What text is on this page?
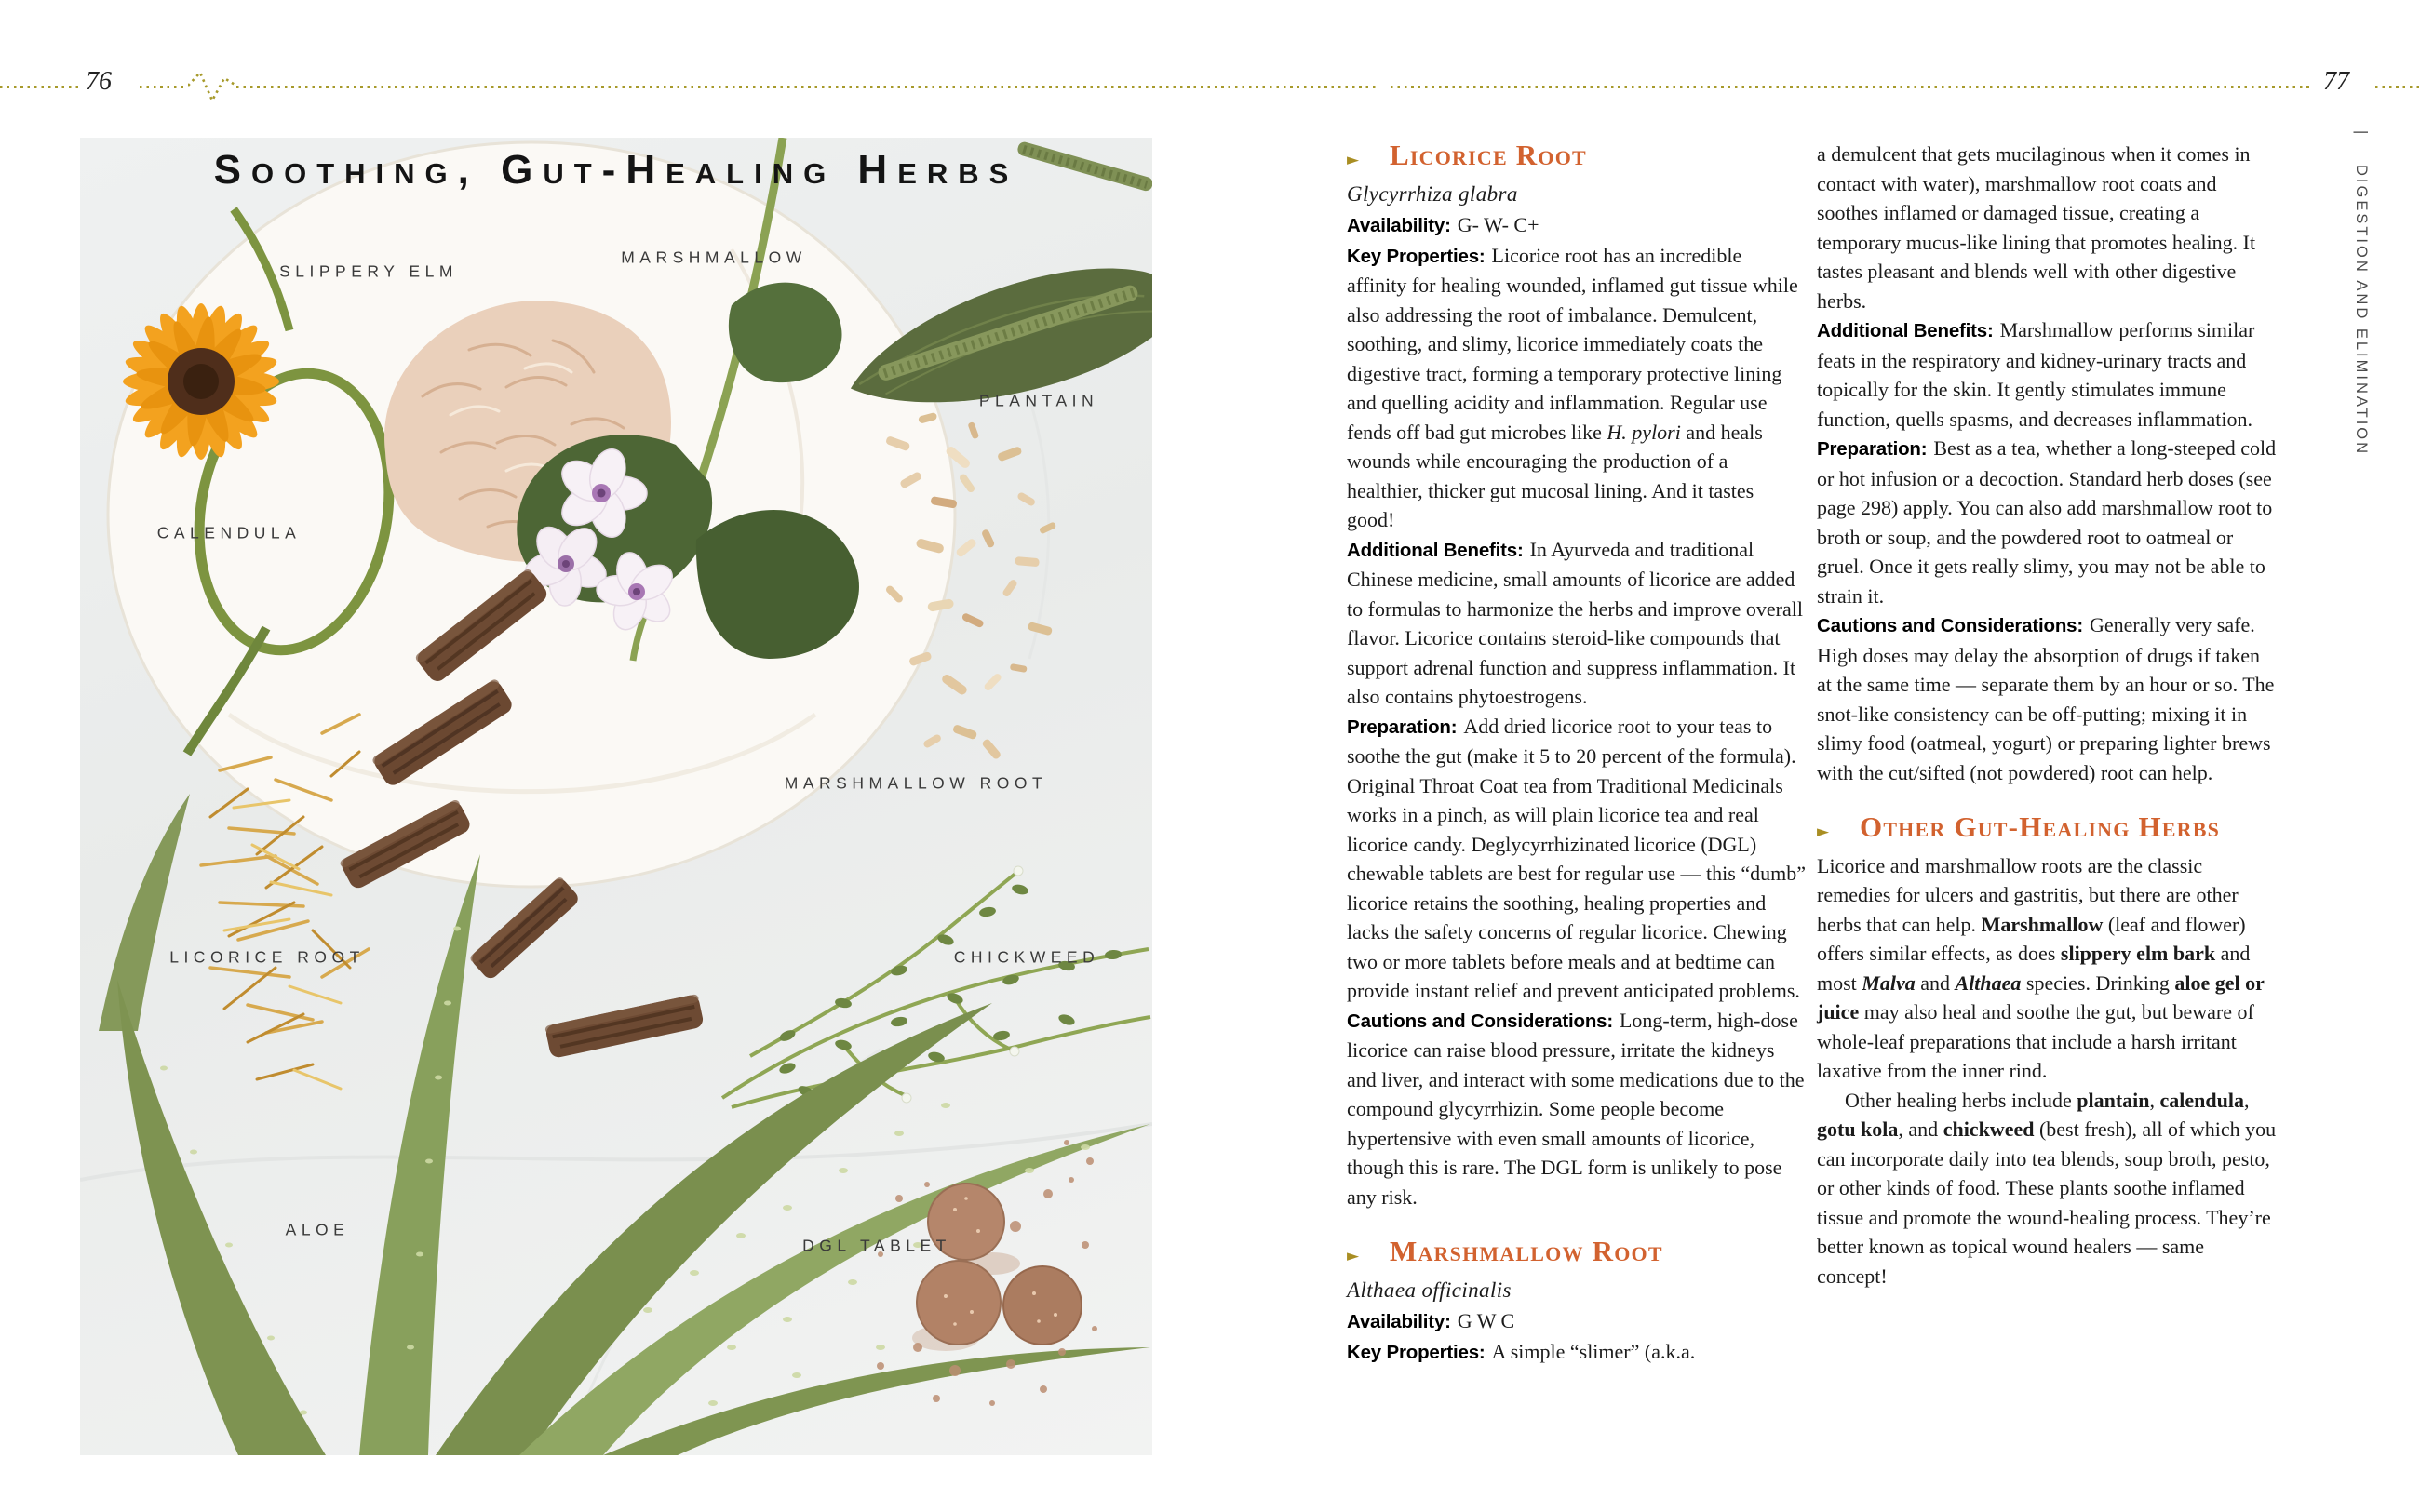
76	77
|DIGESTION AND ELIMINATION
Soothing, Gut-Healing Herbs
SLIPPERY ELM
MARSHMALLOW
PLANTAIN
CALENDULA
MARSHMALLOW ROOT
LICORICE ROOT	CHICKWEED
ALOE
DGL TABLET
►	Licorice Root

Glycyrrhiza glabra

Availability: G- W- C+

Key Properties: Licorice root has an incredible affinity for healing wounded, inflamed gut tissue while also addressing the root of imbalance. Demulcent, soothing, and slimy, licorice immediately coats the digestive tract, forming a temporary protective lining and quelling acidity and inflammation. Regular use fends off bad gut microbes like H. pylori and heals wounds while encouraging the production of a healthier, thicker gut mucosal lining. And it tastes good!

Additional Benefits: In Ayurveda and traditional Chinese medicine, small amounts of licorice are added to formulas to harmonize the herbs and improve overall flavor. Licorice contains steroid-like compounds that support adrenal function and suppress inflammation. It also contains phytoestrogens.

Preparation: Add dried licorice root to your teas to soothe the gut (make it 5 to 20 percent of the formula). Original Throat Coat tea from Traditional Medicinals works in a pinch, as will plain licorice tea and real licorice candy. Deglycyrrhizinated licorice (DGL) chewable tablets are best for regular use — this “dumb” licorice retains the soothing, healing properties and lacks the safety concerns of regular licorice. Chewing two or more tablets before meals and at bedtime can provide instant relief and prevent anticipated problems.

Cautions and Considerations: Long-term, high-dose licorice can raise blood pressure, irritate the kidneys and liver, and interact with some medications due to the compound glycyrrhizin. Some people become hypertensive with even small amounts of licorice, though this is rare. The DGL form is unlikely to pose any risk.

►	Marshmallow Root

Althaea officinalis

Availability: G W C

Key Properties: A simple “slimer” (a.k.a.

a demulcent that gets mucilaginous when it comes in contact with water), marshmallow root coats and soothes inflamed or damaged tissue, creating a temporary mucus-like lining that promotes healing. It tastes pleasant and blends well with other digestive herbs.

Additional Benefits: Marshmallow performs similar feats in the respiratory and kidney-urinary tracts and topically for the skin. It gently stimulates immune function, quells spasms, and decreases inflammation.

Preparation: Best as a tea, whether a long-steeped cold or hot infusion or a decoction. Standard herb doses (see page 298) apply. You can also add marshmallow root to broth or soup, and the powdered root to oatmeal or gruel. Once it gets really slimy, you may not be able to strain it.

Cautions and Considerations: Generally very safe. High doses may delay the absorption of drugs if taken at the same time — separate them by an hour or so. The snot-like consistency can be off-putting; mixing it in slimy food (oatmeal, yogurt) or preparing lighter brews with the cut/sifted (not powdered) root can help.

►	Other Gut-Healing Herbs

Licorice and marshmallow roots are the classic remedies for ulcers and gastritis, but there are other herbs that can help. Marshmallow (leaf and flower) offers similar effects, as does slippery elm bark and most Malva and Althaea species. Drinking aloe gel or juice may also heal and soothe the gut, but beware of whole-leaf preparations that include a harsh irritant laxative from the inner rind.

Other healing herbs include plantain, calendula, gotu kola, and chickweed (best fresh), all of which you can incorporate daily into tea blends, soup broth, pesto, or other kinds of food. These plants soothe inflamed tissue and promote the wound-healing process. They’re better known as topical wound healers — same concept!
